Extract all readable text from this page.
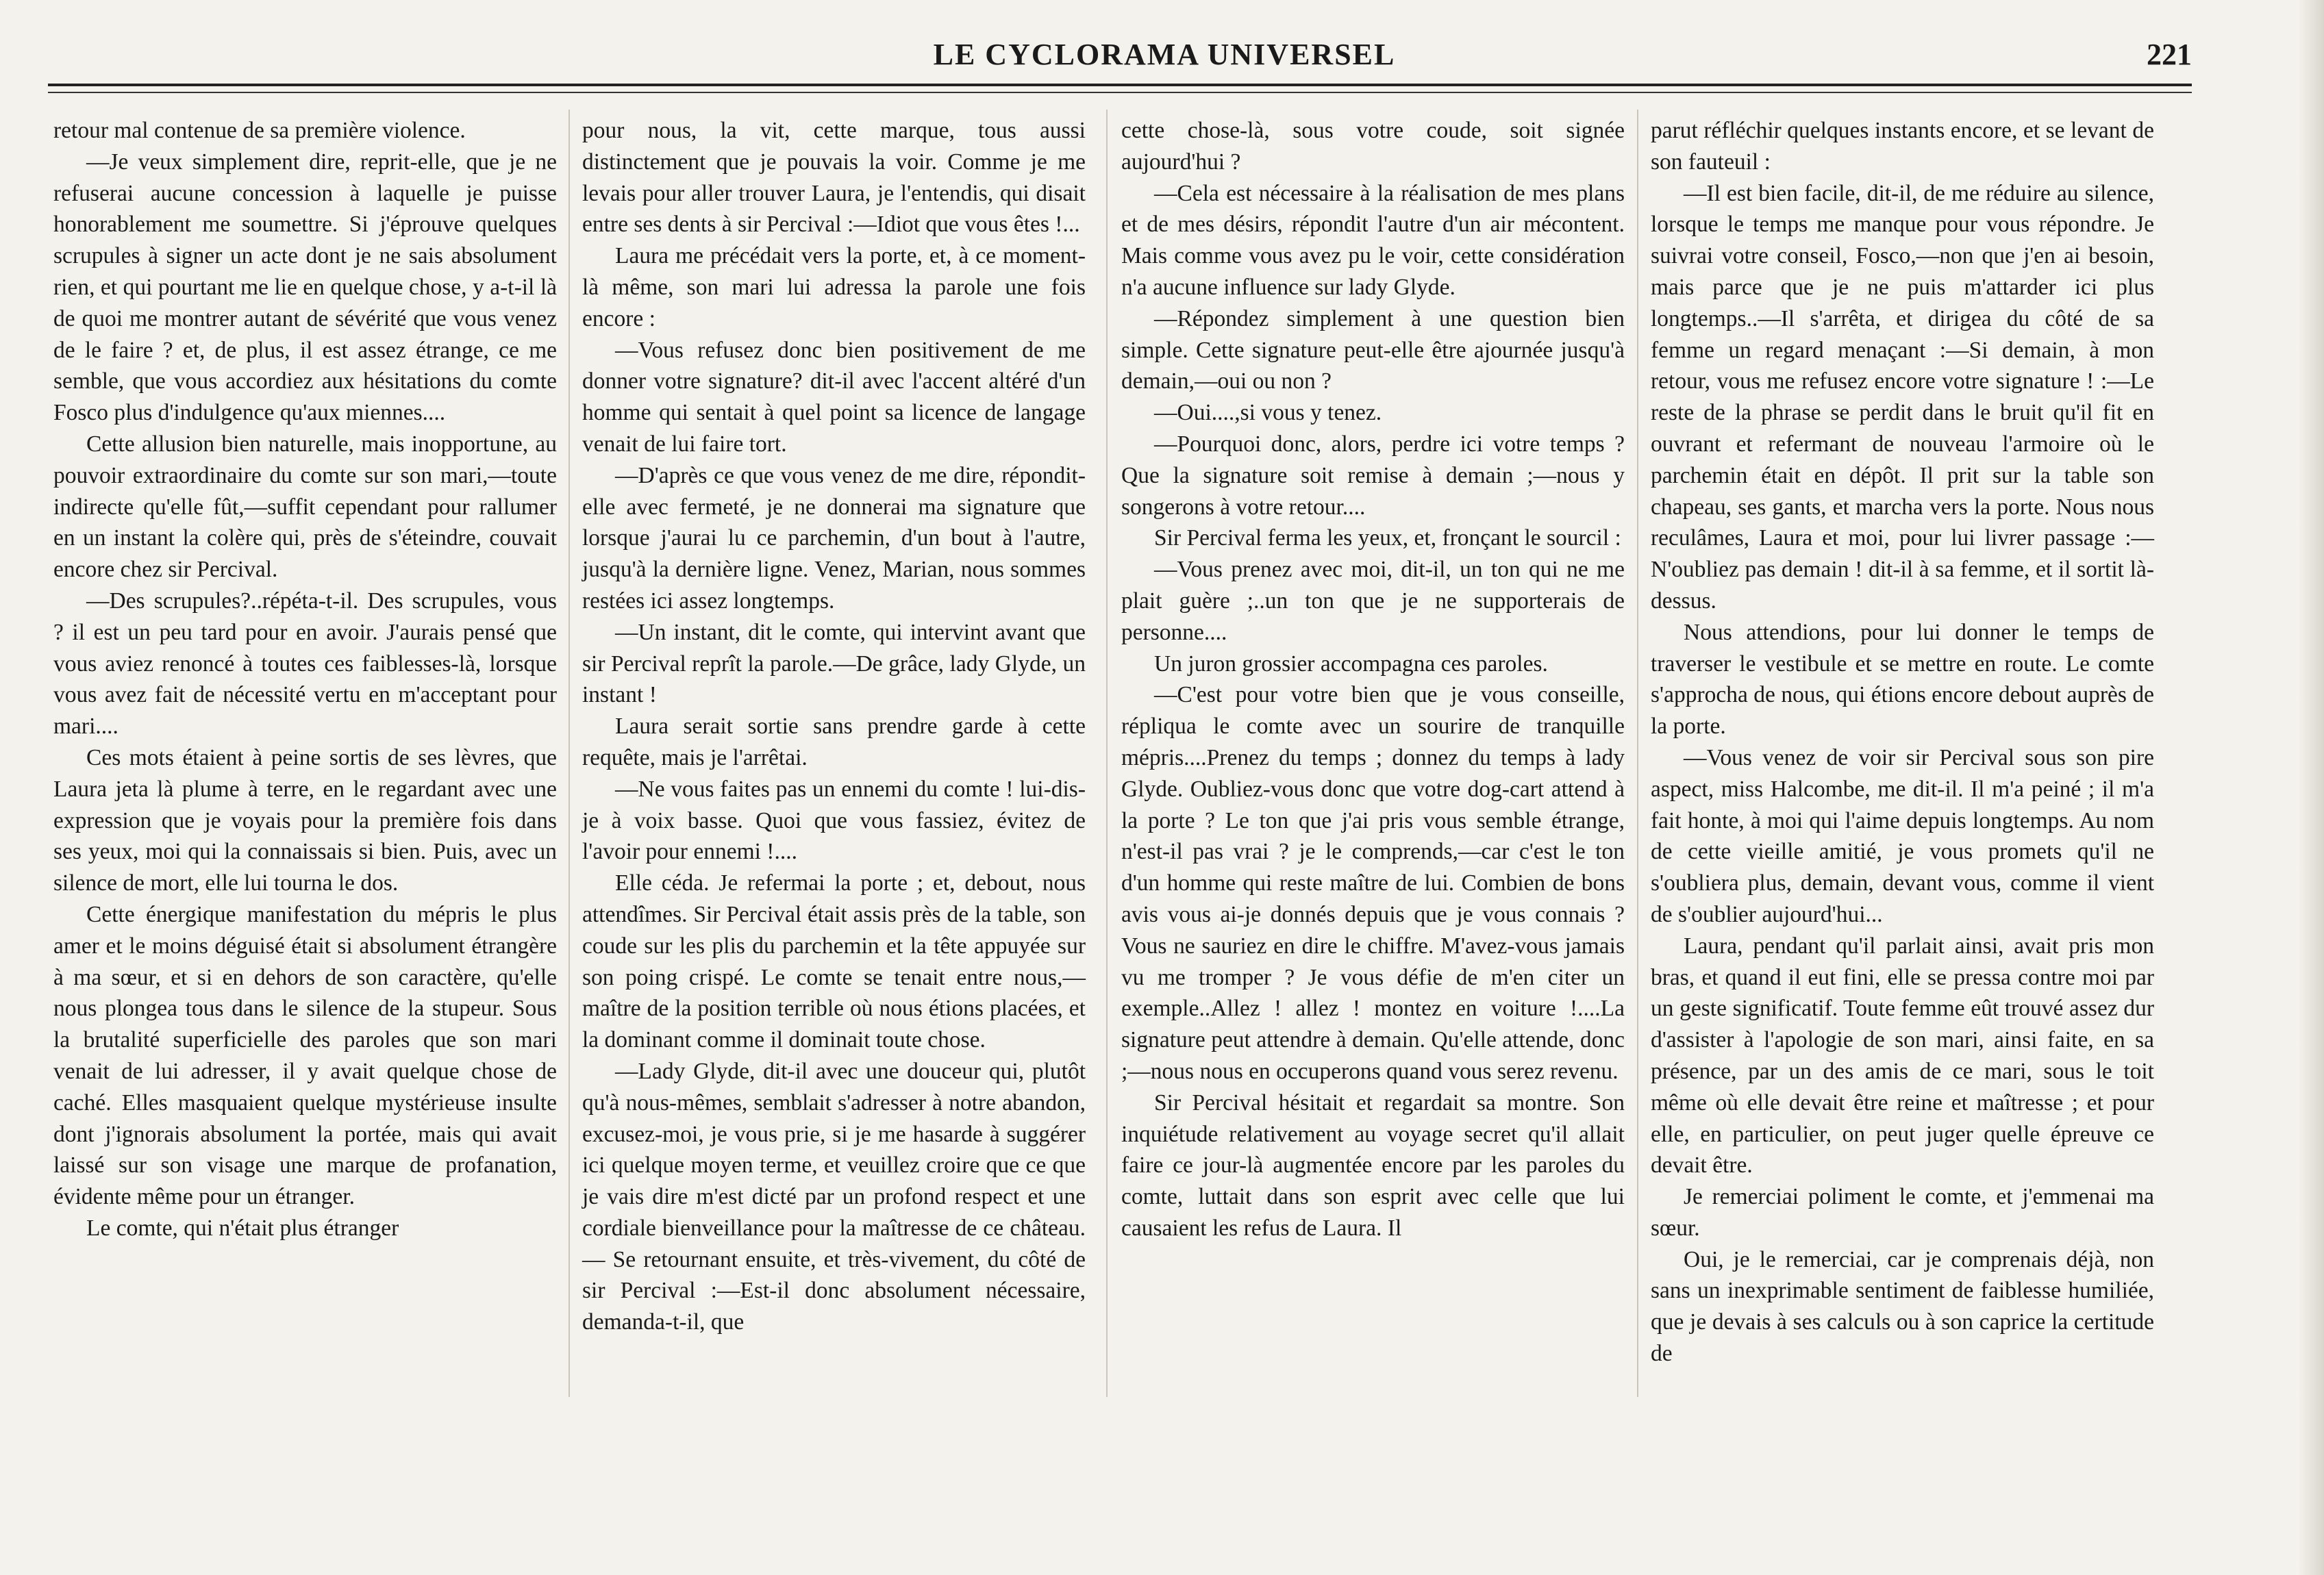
LE CYCLORAMA UNIVERSEL	221

retour mal contenue de sa première violence.

—Je veux simplement dire, reprit-elle, que je ne refuserai aucune concession à laquelle je puisse honorablement me soumettre. Si j'éprouve quelques scrupules à signer un acte dont je ne sais absolument rien, et qui pourtant me lie en quelque chose, y a-t-il là de quoi me montrer autant de sévérité que vous venez de le faire ? et, de plus, il est assez étrange, ce me semble, que vous accordiez aux hésitations du comte Fosco plus d'indulgence qu'aux miennes....

Cette allusion bien naturelle, mais inopportune, au pouvoir extraordinaire du comte sur son mari,—toute indirecte qu'elle fût,—suffit cependant pour rallumer en un instant la colère qui, près de s'éteindre, couvait encore chez sir Percival.

—Des scrupules?..répéta-t-il. Des scrupules, vous ? il est un peu tard pour en avoir. J'aurais pensé que vous aviez renoncé à toutes ces faiblesses-là, lorsque vous avez fait de nécessité vertu en m'acceptant pour mari....

Ces mots étaient à peine sortis de ses lèvres, que Laura jeta là plume à terre, en le regardant avec une expression que je voyais pour la première fois dans ses yeux, moi qui la connaissais si bien. Puis, avec un silence de mort, elle lui tourna le dos.

Cette énergique manifestation du mépris le plus amer et le moins déguisé était si absolument étrangère à ma sœur, et si en dehors de son caractère, qu'elle nous plongea tous dans le silence de la stupeur. Sous la brutalité superficielle des paroles que son mari venait de lui adresser, il y avait quelque chose de caché. Elles masquaient quelque mystérieuse insulte dont j'ignorais absolument la portée, mais qui avait laissé sur son visage une marque de profanation, évidente même pour un étranger.

Le comte, qui n'était plus étranger

pour nous, la vit, cette marque, tous aussi distinctement que je pouvais la voir. Comme je me levais pour aller trouver Laura, je l'entendis, qui disait entre ses dents à sir Percival :—Idiot que vous êtes !...

Laura me précédait vers la porte, et, à ce moment-là même, son mari lui adressa la parole une fois encore :

—Vous refusez donc bien positivement de me donner votre signature? dit-il avec l'accent altéré d'un homme qui sentait à quel point sa licence de langage venait de lui faire tort.

—D'après ce que vous venez de me dire, répondit-elle avec fermeté, je ne donnerai ma signature que lorsque j'aurai lu ce parchemin, d'un bout à l'autre, jusqu'à la dernière ligne. Venez, Marian, nous sommes restées ici assez longtemps.

—Un instant, dit le comte, qui intervint avant que sir Percival reprît la parole.—De grâce, lady Glyde, un instant !

Laura serait sortie sans prendre garde à cette requête, mais je l'arrêtai.

—Ne vous faites pas un ennemi du comte ! lui-dis-je à voix basse. Quoi que vous fassiez, évitez de l'avoir pour ennemi !....

Elle céda. Je refermai la porte ; et, debout, nous attendîmes. Sir Percival était assis près de la table, son coude sur les plis du parchemin et la tête appuyée sur son poing crispé. Le comte se tenait entre nous,—maître de la position terrible où nous étions placées, et la dominant comme il dominait toute chose.

—Lady Glyde, dit-il avec une douceur qui, plutôt qu'à nous-mêmes, semblait s'adresser à notre abandon, excusez-moi, je vous prie, si je me hasarde à suggérer ici quelque moyen terme, et veuillez croire que ce que je vais dire m'est dicté par un profond respect et une cordiale bienveillance pour la maîtresse de ce château.— Se retournant ensuite, et très-vivement, du côté de sir Percival :—Est-il donc absolument nécessaire, demanda-t-il, que

cette chose-là, sous votre coude, soit signée aujourd'hui ?

—Cela est nécessaire à la réalisation de mes plans et de mes désirs, répondit l'autre d'un air mécontent. Mais comme vous avez pu le voir, cette considération n'a aucune influence sur lady Glyde.

—Répondez simplement à une question bien simple. Cette signature peut-elle être ajournée jusqu'à demain,—oui ou non ?

—Oui....,si vous y tenez.

—Pourquoi donc, alors, perdre ici votre temps ? Que la signature soit remise à demain ;—nous y songerons à votre retour....

Sir Percival ferma les yeux, et, fronçant le sourcil :

—Vous prenez avec moi, dit-il, un ton qui ne me plait guère ;..un ton que je ne supporterais de personne....

Un juron grossier accompagna ces paroles.

—C'est pour votre bien que je vous conseille, répliqua le comte avec un sourire de tranquille mépris....Prenez du temps ; donnez du temps à lady Glyde. Oubliez-vous donc que votre dog-cart attend à la porte ? Le ton que j'ai pris vous semble étrange, n'est-il pas vrai ? je le comprends,—car c'est le ton d'un homme qui reste maître de lui. Combien de bons avis vous ai-je donnés depuis que je vous connais ? Vous ne sauriez en dire le chiffre. M'avez-vous jamais vu me tromper ? Je vous défie de m'en citer un exemple..Allez ! allez ! montez en voiture !....La signature peut attendre à demain. Qu'elle attende, donc ;—nous nous en occuperons quand vous serez revenu.

Sir Percival hésitait et regardait sa montre. Son inquiétude relativement au voyage secret qu'il allait faire ce jour-là augmentée encore par les paroles du comte, luttait dans son esprit avec celle que lui causaient les refus de Laura. Il

parut réfléchir quelques instants encore, et se levant de son fauteuil :

—Il est bien facile, dit-il, de me réduire au silence, lorsque le temps me manque pour vous répondre. Je suivrai votre conseil, Fosco,—non que j'en ai besoin, mais parce que je ne puis m'attarder ici plus longtemps..—Il s'arrêta, et dirigea du côté de sa femme un regard menaçant :—Si demain, à mon retour, vous me refusez encore votre signature ! :—Le reste de la phrase se perdit dans le bruit qu'il fit en ouvrant et refermant de nouveau l'armoire où le parchemin était en dépôt. Il prit sur la table son chapeau, ses gants, et marcha vers la porte. Nous nous reculâmes, Laura et moi, pour lui livrer passage :— N'oubliez pas demain ! dit-il à sa femme, et il sortit là-dessus.

Nous attendions, pour lui donner le temps de traverser le vestibule et se mettre en route. Le comte s'approcha de nous, qui étions encore debout auprès de la porte.

—Vous venez de voir sir Percival sous son pire aspect, miss Halcombe, me dit-il. Il m'a peiné ; il m'a fait honte, à moi qui l'aime depuis longtemps. Au nom de cette vieille amitié, je vous promets qu'il ne s'oubliera plus, demain, devant vous, comme il vient de s'oublier aujourd'hui...

Laura, pendant qu'il parlait ainsi, avait pris mon bras, et quand il eut fini, elle se pressa contre moi par un geste significatif. Toute femme eût trouvé assez dur d'assister à l'apologie de son mari, ainsi faite, en sa présence, par un des amis de ce mari, sous le toit même où elle devait être reine et maîtresse ; et pour elle, en particulier, on peut juger quelle épreuve ce devait être.

Je remerciai poliment le comte, et j'emmenai ma sœur.

Oui, je le remerciai, car je comprenais déjà, non sans un inexprimable sentiment de faiblesse humiliée, que je devais à ses calculs ou à son caprice la certitude de
